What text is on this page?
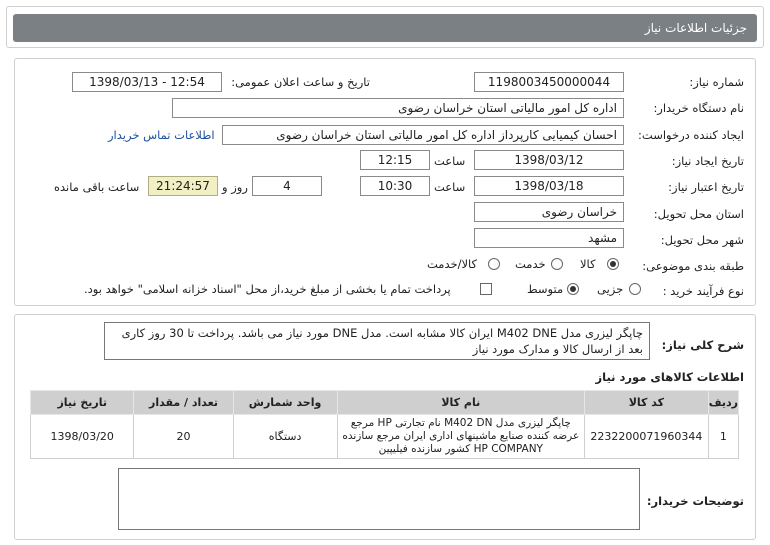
جزئیات اطلاعات نیاز
شماره نیاز:
1198003450000044
تاریخ و ساعت اعلان عمومی:
1398/03/13 - 12:54
نام دستگاه خریدار:
اداره کل امور مالیاتی استان خراسان رضوی
ایجاد کننده درخواست:
احسان کیمیایی کارپرداز اداره کل امور مالیاتی استان خراسان رضوی
اطلاعات تماس خریدار
تاریخ ایجاد نیاز:
1398/03/12
ساعت
12:15
تاریخ اعتبار نیاز:
1398/03/18
ساعت
10:30
4
روز و
21:24:57
ساعت باقی مانده
استان محل تحویل:
خراسان رضوی
شهر محل تحویل:
مشهد
طبقه بندی موضوعی:
کالا
خدمت
کالا/خدمت
نوع فرآیند خرید :
جزیی
متوسط
پرداخت تمام یا بخشی از مبلغ خرید،از محل "اسناد خزانه اسلامی" خواهد بود.
شرح کلی نیاز:
چاپگر لیزری مدل M402 DNE ایران کالا مشابه است. مدل DNE مورد نیاز می باشد. پرداخت تا 30 روز کاری بعد از ارسال کالا و مدارک مورد نیاز
اطلاعات کالاهای مورد نیاز
ردیف	کد کالا	نام کالا	واحد شمارش	تعداد / مقدار	تاریخ نیاز
1	2232200071960344	چاپگر لیزری مدل M402 DN نام تجارتی HP مرجع عرضه کننده صنایع ماشینهای اداری ایران مرجع سازنده HP COMPANY کشور سازنده فیلیپین	دستگاه	20	1398/03/20
توضیحات خریدار:
